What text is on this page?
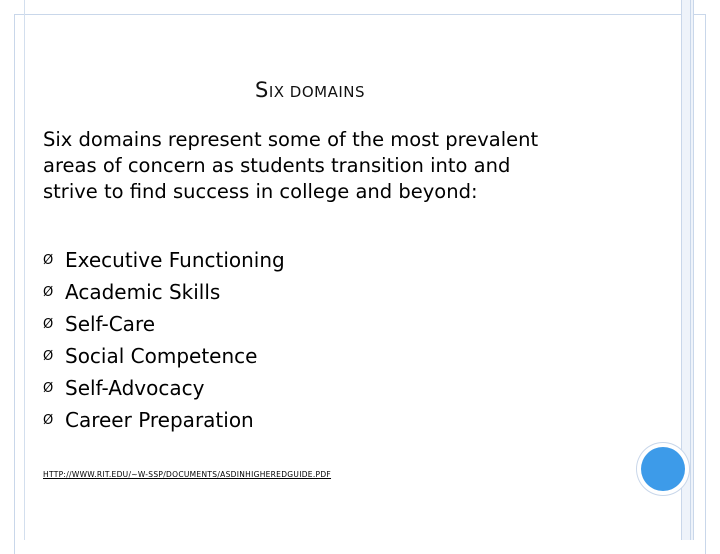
SIX DOMAINS

Six domains represent some of the most prevalent
areas of concern as students transition into and
strive to find success in college and beyond:

Ø Executive Functioning
Ø Academic Skills
Ø Self-Care
Ø Social Competence
Ø Self-Advocacy
Ø Career Preparation
HTTP://WWW.RIT.EDU/~W-SSP/DOCUMENTS/ASDINHIGHEREDGUIDE.PDF
